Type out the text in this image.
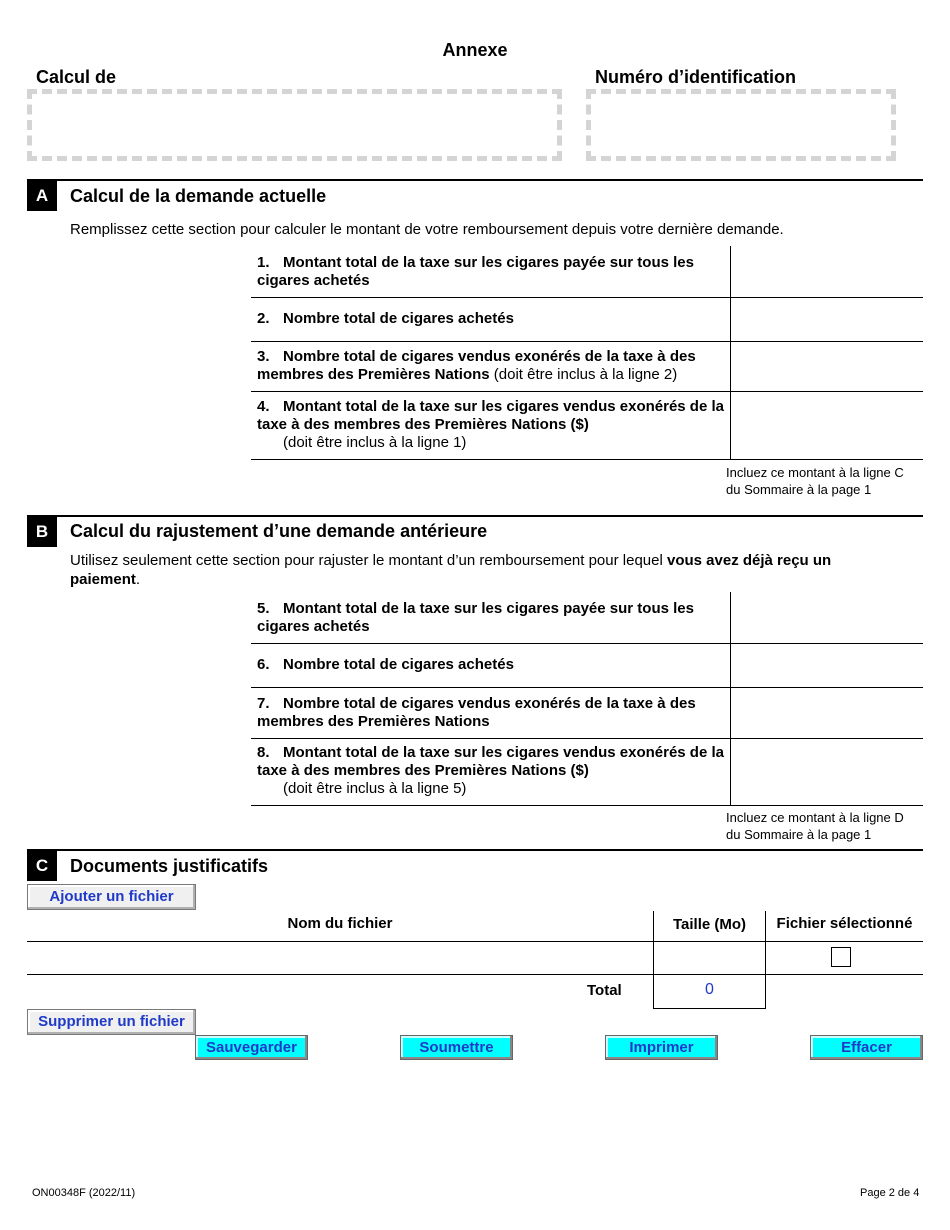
Annexe
Calcul de	Numéro d’identification
A	Calcul de la demande actuelle
Remplissez cette section pour calculer le montant de votre remboursement depuis votre dernière demande.
1. Montant total de la taxe sur les cigares payée sur tous les cigares achetés
2. Nombre total de cigares achetés
3. Nombre total de cigares vendus exonérés de la taxe à des membres des Premières Nations (doit être inclus à la ligne 2)
4. Montant total de la taxe sur les cigares vendus exonérés de la taxe à des membres des Premières Nations ($)
(doit être inclus à la ligne 1)
Incluez ce montant à la ligne C
du Sommaire à la page 1
B	Calcul du rajustement d’une demande antérieure
Utilisez seulement cette section pour rajuster le montant d’un remboursement pour lequel vous avez déjà reçu un paiement.
5. Montant total de la taxe sur les cigares payée sur tous les cigares achetés
6. Nombre total de cigares achetés
7. Nombre total de cigares vendus exonérés de la taxe à des membres des Premières Nations
8. Montant total de la taxe sur les cigares vendus exonérés de la taxe à des membres des Premières Nations ($)
(doit être inclus à la ligne 5)
Incluez ce montant à la ligne D
du Sommaire à la page 1
C	Documents justificatifs
Ajouter un fichier
Nom du fichier	Taille (Mo)	Fichier sélectionné
Total	0
Supprimer un fichier
Sauvegarder	Soumettre	Imprimer	Effacer
ON00348F (2022/11)	Page 2 de 4
